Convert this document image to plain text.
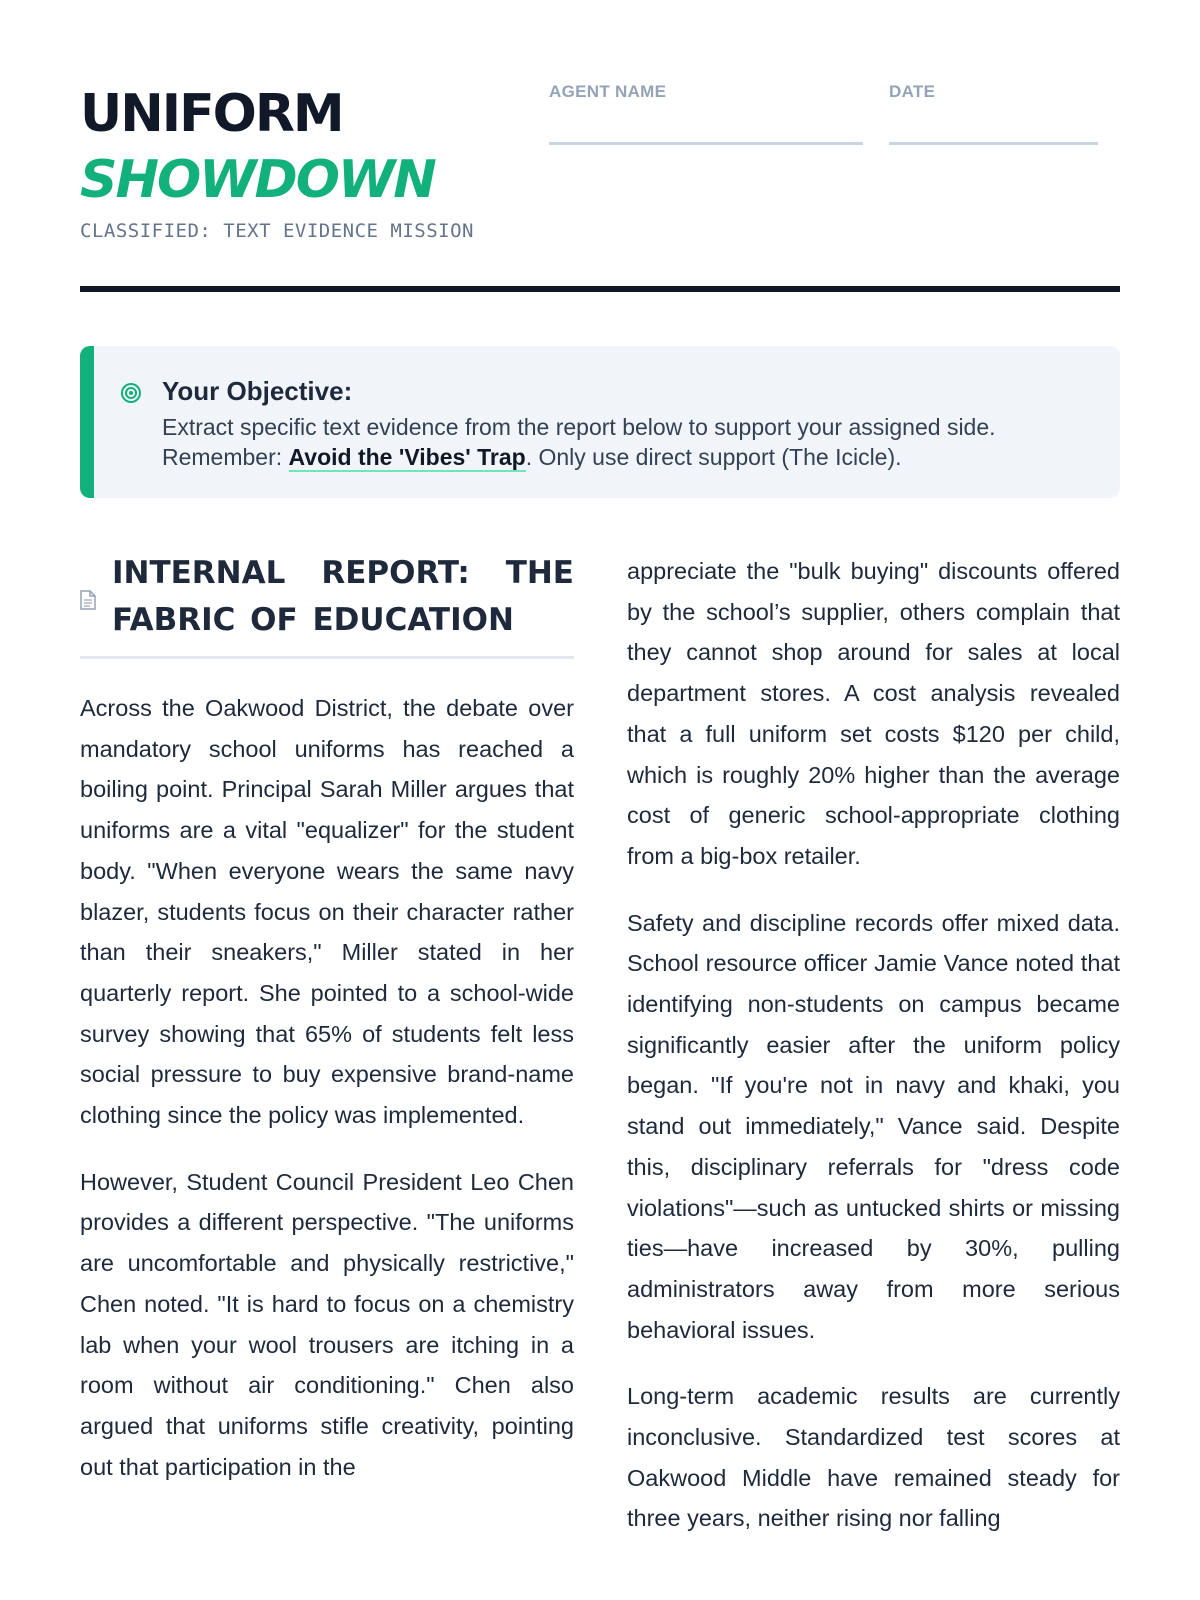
UNIFORM
SHOWDOWN
CLASSIFIED: TEXT EVIDENCE MISSION
AGENT NAME	DATE
Your Objective:
Extract specific text evidence from the report below to support your assigned side.
Remember: Avoid the 'Vibes' Trap. Only use direct support (The Icicle).
INTERNAL REPORT: THE FABRIC OF EDUCATION

Across the Oakwood District, the debate over mandatory school uniforms has reached a boiling point. Principal Sarah Miller argues that uniforms are a vital "equalizer" for the student body. "When everyone wears the same navy blazer, students focus on their character rather than their sneakers," Miller stated in her quarterly report. She pointed to a school-wide survey showing that 65% of students felt less social pressure to buy expensive brand-name clothing since the policy was implemented.

However, Student Council President Leo Chen provides a different perspective. "The uniforms are uncomfortable and physically restrictive," Chen noted. "It is hard to focus on a chemistry lab when your wool trousers are itching in a room without air conditioning." Chen also argued that uniforms stifle creativity, pointing out that participation in the

appreciate the "bulk buying" discounts offered by the school’s supplier, others complain that they cannot shop around for sales at local department stores. A cost analysis revealed that a full uniform set costs $120 per child, which is roughly 20% higher than the average cost of generic school-appropriate clothing from a big-box retailer.

Safety and discipline records offer mixed data. School resource officer Jamie Vance noted that identifying non-students on campus became significantly easier after the uniform policy began. "If you're not in navy and khaki, you stand out immediately," Vance said. Despite this, disciplinary referrals for "dress code violations"—such as untucked shirts or missing ties—have increased by 30%, pulling administrators away from more serious behavioral issues.

Long-term academic results are currently inconclusive. Standardized test scores at Oakwood Middle have remained steady for three years, neither rising nor falling
